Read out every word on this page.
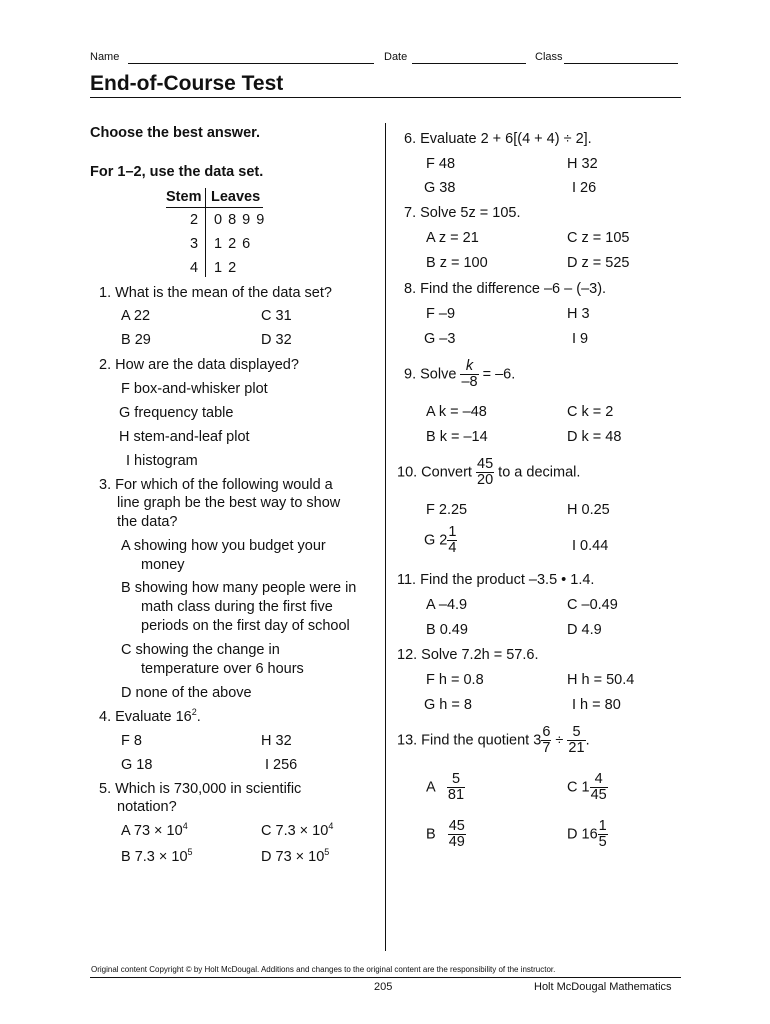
Name	Date	Class
End-of-Course Test
Choose the best answer.
For 1–2, use the data set.
Stem Leaves
2 0 8 9 9
3 1 2 6
4 1 2
1. What is the mean of the data set?
A 22	C 31
B 29	D 32
2. How are the data displayed?
F box-and-whisker plot
G frequency table
H stem-and-leaf plot
I histogram
3. For which of the following would a
line graph be the best way to show
the data?
A showing how you budget your
money
B showing how many people were in
math class during the first five
periods on the first day of school
C showing the change in
temperature over 6 hours
D none of the above
4. Evaluate $16^2$.
F 8	H 32
G 18	I 256
5. Which is 730,000 in scientific
notation?
A $73 \times 10^4$	C $7.3 \times 10^4$
B $7.3 \times 10^5$	D $73 \times 10^5$
6. Evaluate 2 + 6[(4 + 4) ÷ 2].
F 48	H 32
G 38	I 26
7. Solve 5z = 105.
A z = 21	C z = 105
B z = 100	D z = 525
8. Find the difference –6 – (–3).
F –9	H 3
G –3	I 9
9. Solve $\frac{k}{-8} = -6$.
A k = –48	C k = 2
B k = –14	D k = 48
10. Convert $\frac{45}{20}$ to a decimal.
F 2.25	H 0.25
G $2 \frac{1}{4}$	I 0.44
11. Find the product –3.5 • 1.4.
A –4.9	C –0.49
B 0.49	D 4.9
12. Solve 7.2h = 57.6.
F h = 0.8	H h = 50.4
G h = 8	I h = 80
13. Find the quotient $3 \frac{6}{7} \div \frac{5}{21}$ .
A $\frac{5}{81}$	C $1 \frac{4}{45}$
B $\frac{45}{49}$	D $16 \frac{1}{5}$
Original content Copyright © by Holt McDougal. Additions and changes to the original content are the responsibility of the instructor.
205	Holt McDougal Mathematics
